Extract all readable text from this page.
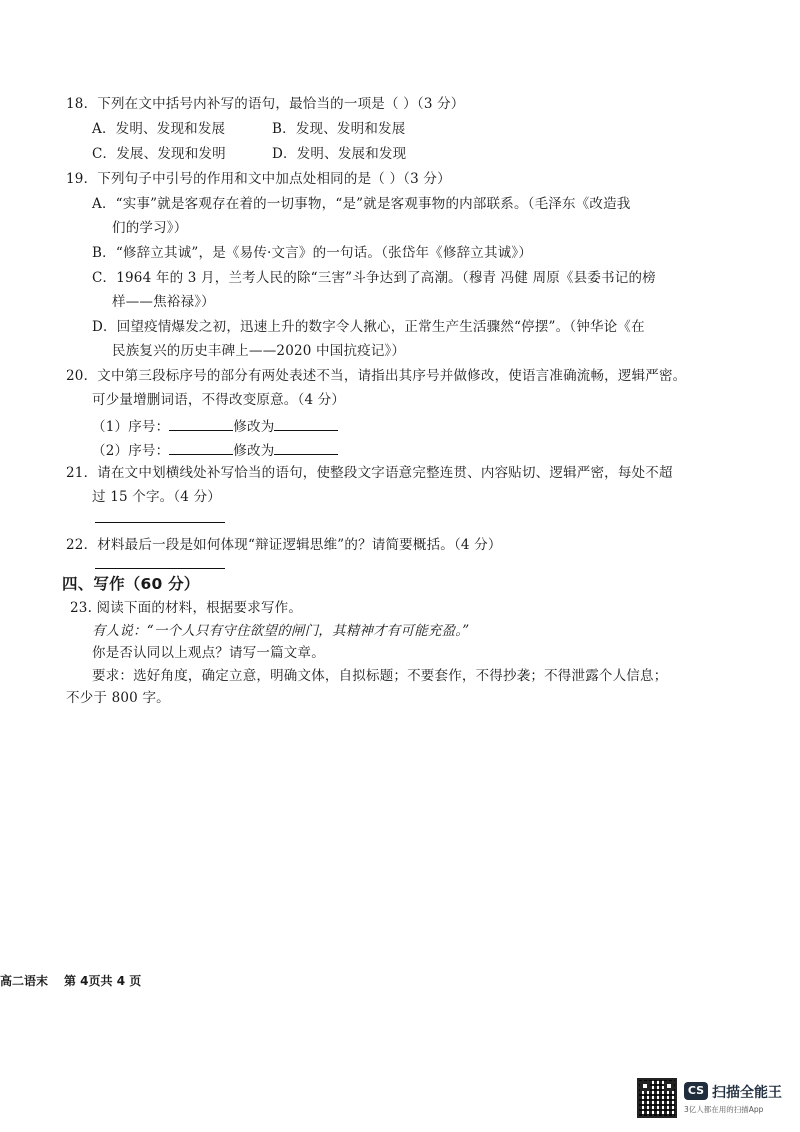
18．下列在文中括号内补写的语句，最恰当的一项是（ ）（3 分）
A．发明、发现和发展	B．发现、发明和发展
C．发展、发现和发明	D．发明、发展和发现
19．下列句子中引号的作用和文中加点处相同的是（ ）（3 分）
A．“实事”就是客观存在着的一切事物，“是”就是客观事物的内部联系。（毛泽东《改造我
们的学习》）
B．“修辞立其诚”，是《易传·文言》的一句话。（张岱年《修辞立其诚》）
C．1964 年的 3 月，兰考人民的除“三害”斗争达到了高潮。（穆青 冯健 周原《县委书记的榜
样——焦裕禄》）
D．回望疫情爆发之初，迅速上升的数字令人揪心，正常生产生活骤然“停摆”。（钟华论《在
民族复兴的历史丰碑上——2020 中国抗疫记》）
20．文中第三段标序号的部分有两处表述不当，请指出其序号并做修改，使语言准确流畅，逻辑严密。
可少量增删词语，不得改变原意。（4 分）
（1）序号：	修改为
（2）序号：	修改为
21．请在文中划横线处补写恰当的语句，使整段文字语意完整连贯、内容贴切、逻辑严密，每处不超
过 15 个字。（4 分）
22．材料最后一段是如何体现“辩证逻辑思维”的？请简要概括。（4 分）
四、写作（60 分）
23. 阅读下面的材料，根据要求写作。
有人说：“一个人只有守住欲望的闸门，其精神才有可能充盈。”
你是否认同以上观点？请写一篇文章。
要求：选好角度，确定立意，明确文体，自拟标题；不要套作，不得抄袭；不得泄露个人信息；
不少于 800 字。
高二语末 第 4页共 4 页
CS 扫描全能王
3亿人都在用的扫描App
